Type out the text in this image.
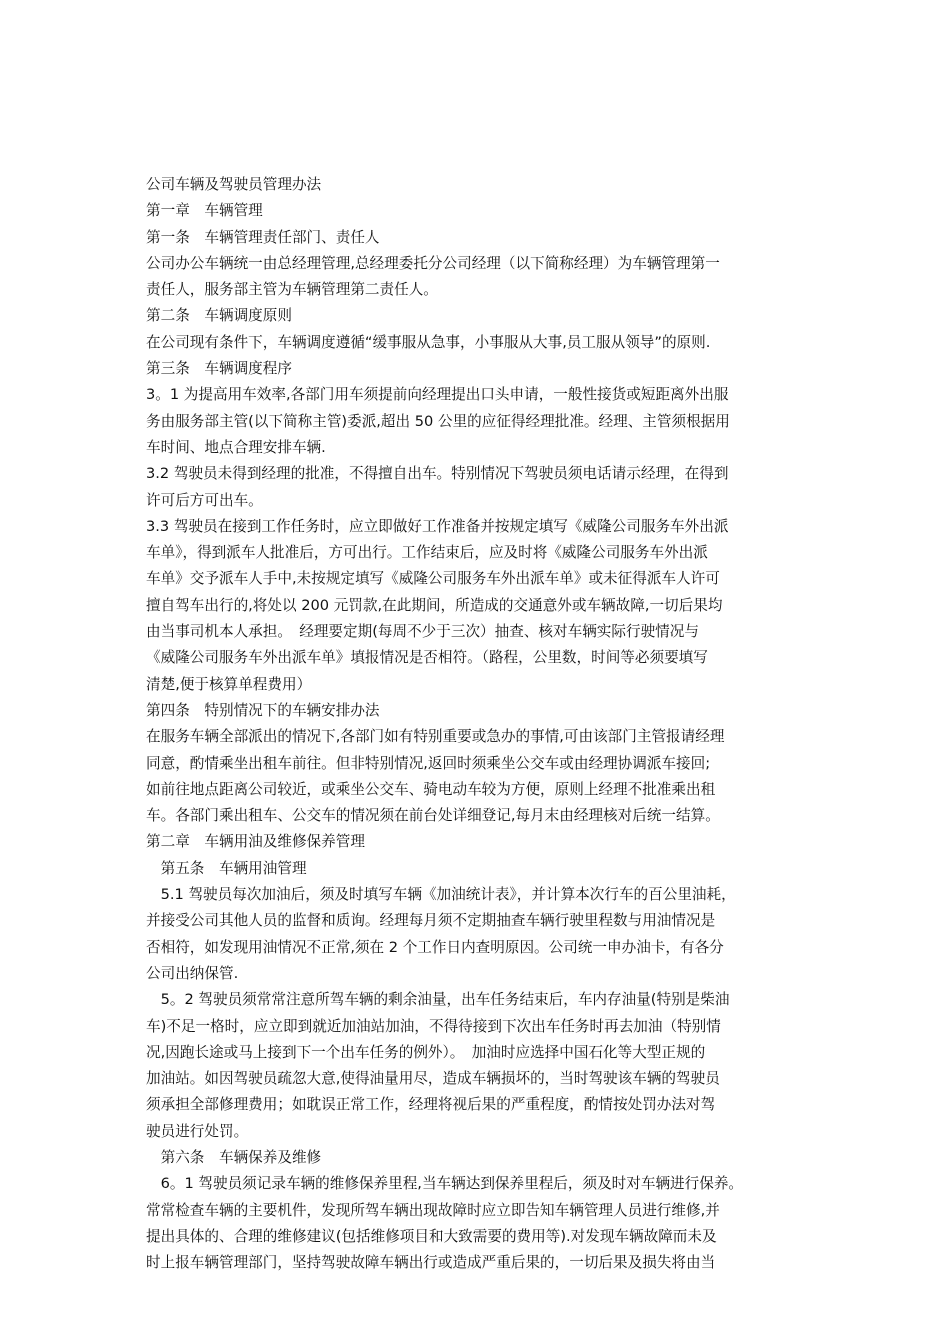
公司车辆及驾驶员管理办法
第一章　车辆管理
第一条　车辆管理责任部门、责任人
公司办公车辆统一由总经理管理,总经理委托分公司经理（以下简称经理）为车辆管理第一
责任人，服务部主管为车辆管理第二责任人。
第二条　车辆调度原则
在公司现有条件下，车辆调度遵循“缓事服从急事，小事服从大事,员工服从领导”的原则.
第三条　车辆调度程序
3。1 为提高用车效率,各部门用车须提前向经理提出口头申请，一般性接货或短距离外出服
务由服务部主管(以下简称主管)委派,超出 50 公里的应征得经理批准。经理、主管须根据用
车时间、地点合理安排车辆.
3.2 驾驶员未得到经理的批准，不得擅自出车。特别情况下驾驶员须电话请示经理，在得到
许可后方可出车。
3.3 驾驶员在接到工作任务时，应立即做好工作准备并按规定填写《威隆公司服务车外出派
车单》，得到派车人批准后，方可出行。工作结束后，应及时将《威隆公司服务车外出派
车单》交予派车人手中,未按规定填写《威隆公司服务车外出派车单》或未征得派车人许可
擅自驾车出行的,将处以 200 元罚款,在此期间，所造成的交通意外或车辆故障,一切后果均
由当事司机本人承担。　经理要定期(每周不少于三次）抽查、核对车辆实际行驶情况与
《威隆公司服务车外出派车单》填报情况是否相符。（路程，公里数，时间等必须要填写
清楚,便于核算单程费用）
第四条　特别情况下的车辆安排办法
在服务车辆全部派出的情况下,各部门如有特别重要或急办的事情,可由该部门主管报请经理
同意，酌情乘坐出租车前往。但非特别情况,返回时须乘坐公交车或由经理协调派车接回;
如前往地点距离公司较近，或乘坐公交车、骑电动车较为方便，原则上经理不批准乘出租
车。各部门乘出租车、公交车的情况须在前台处详细登记,每月末由经理核对后统一结算。
第二章　车辆用油及维修保养管理
　第五条　车辆用油管理
　5.1 驾驶员每次加油后，须及时填写车辆《加油统计表》，并计算本次行车的百公里油耗，
并接受公司其他人员的监督和质询。经理每月须不定期抽查车辆行驶里程数与用油情况是
否相符，如发现用油情况不正常,须在 2 个工作日内查明原因。公司统一申办油卡，有各分
公司出纳保管.
　5。2 驾驶员须常常注意所驾车辆的剩余油量，出车任务结束后，车内存油量(特别是柴油
车)不足一格时，应立即到就近加油站加油，不得待接到下次出车任务时再去加油（特别情
况,因跑长途或马上接到下一个出车任务的例外）。　加油时应选择中国石化等大型正规的
加油站。如因驾驶员疏忽大意,使得油量用尽，造成车辆损坏的，当时驾驶该车辆的驾驶员
须承担全部修理费用；如耽误正常工作，经理将视后果的严重程度，酌情按处罚办法对驾
驶员进行处罚。
　第六条　车辆保养及维修
　6。1 驾驶员须记录车辆的维修保养里程,当车辆达到保养里程后，须及时对车辆进行保养。
常常检查车辆的主要机件，发现所驾车辆出现故障时应立即告知车辆管理人员进行维修,并
提出具体的、合理的维修建议(包括维修项目和大致需要的费用等).对发现车辆故障而未及
时上报车辆管理部门，坚持驾驶故障车辆出行或造成严重后果的，一切后果及损失将由当
